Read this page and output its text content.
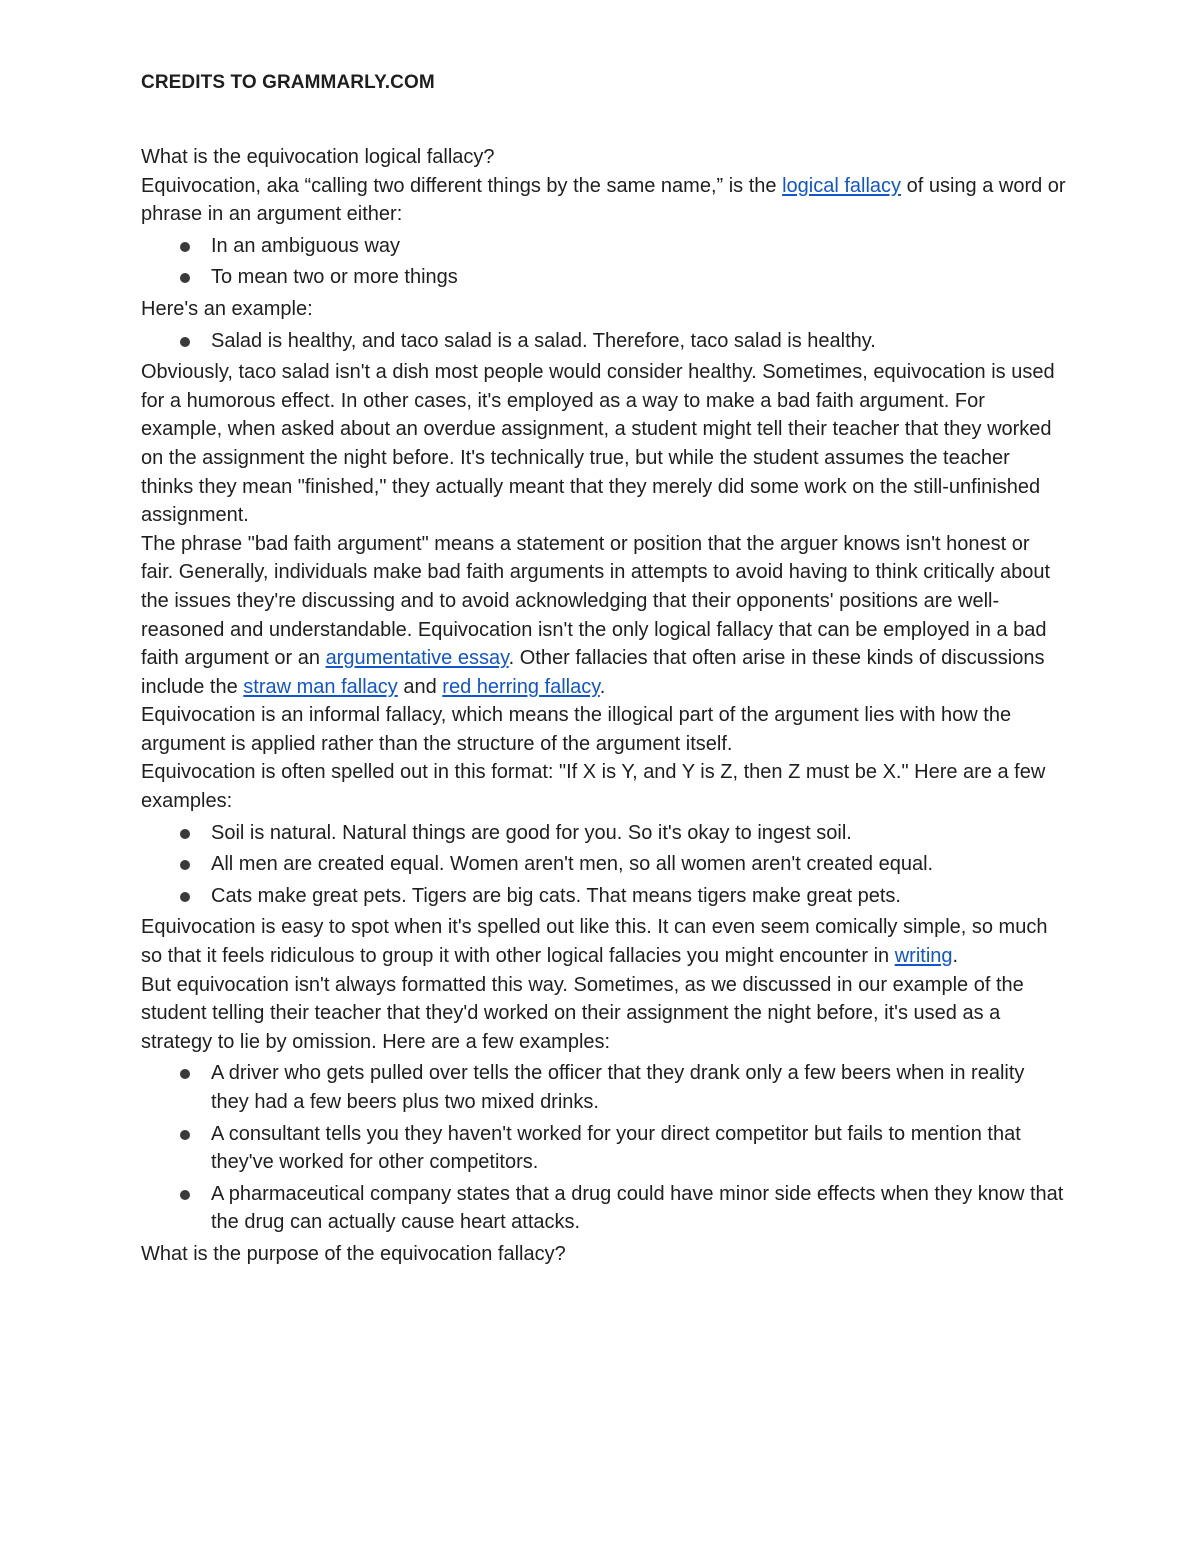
CREDITS TO GRAMMARLY.COM

What is the equivocation logical fallacy?

Equivocation, aka “calling two different things by the same name,” is the logical fallacy of using a word or phrase in an argument either:

In an ambiguous way
To mean two or more things

Here's an example:

Salad is healthy, and taco salad is a salad. Therefore, taco salad is healthy.

Obviously, taco salad isn't a dish most people would consider healthy. Sometimes, equivocation is used for a humorous effect. In other cases, it's employed as a way to make a bad faith argument. For example, when asked about an overdue assignment, a student might tell their teacher that they worked on the assignment the night before. It's technically true, but while the student assumes the teacher thinks they mean "finished," they actually meant that they merely did some work on the still-unfinished assignment.

The phrase "bad faith argument" means a statement or position that the arguer knows isn't honest or fair. Generally, individuals make bad faith arguments in attempts to avoid having to think critically about the issues they're discussing and to avoid acknowledging that their opponents' positions are well-reasoned and understandable. Equivocation isn't the only logical fallacy that can be employed in a bad faith argument or an argumentative essay. Other fallacies that often arise in these kinds of discussions include the straw man fallacy and red herring fallacy.

Equivocation is an informal fallacy, which means the illogical part of the argument lies with how the argument is applied rather than the structure of the argument itself.

Equivocation is often spelled out in this format: "If X is Y, and Y is Z, then Z must be X." Here are a few examples:

Soil is natural. Natural things are good for you. So it's okay to ingest soil.
All men are created equal. Women aren't men, so all women aren't created equal.
Cats make great pets. Tigers are big cats. That means tigers make great pets.

Equivocation is easy to spot when it's spelled out like this. It can even seem comically simple, so much so that it feels ridiculous to group it with other logical fallacies you might encounter in writing.

But equivocation isn't always formatted this way. Sometimes, as we discussed in our example of the student telling their teacher that they'd worked on their assignment the night before, it's used as a strategy to lie by omission. Here are a few examples:

A driver who gets pulled over tells the officer that they drank only a few beers when in reality they had a few beers plus two mixed drinks.
A consultant tells you they haven't worked for your direct competitor but fails to mention that they've worked for other competitors.
A pharmaceutical company states that a drug could have minor side effects when they know that the drug can actually cause heart attacks.

What is the purpose of the equivocation fallacy?
